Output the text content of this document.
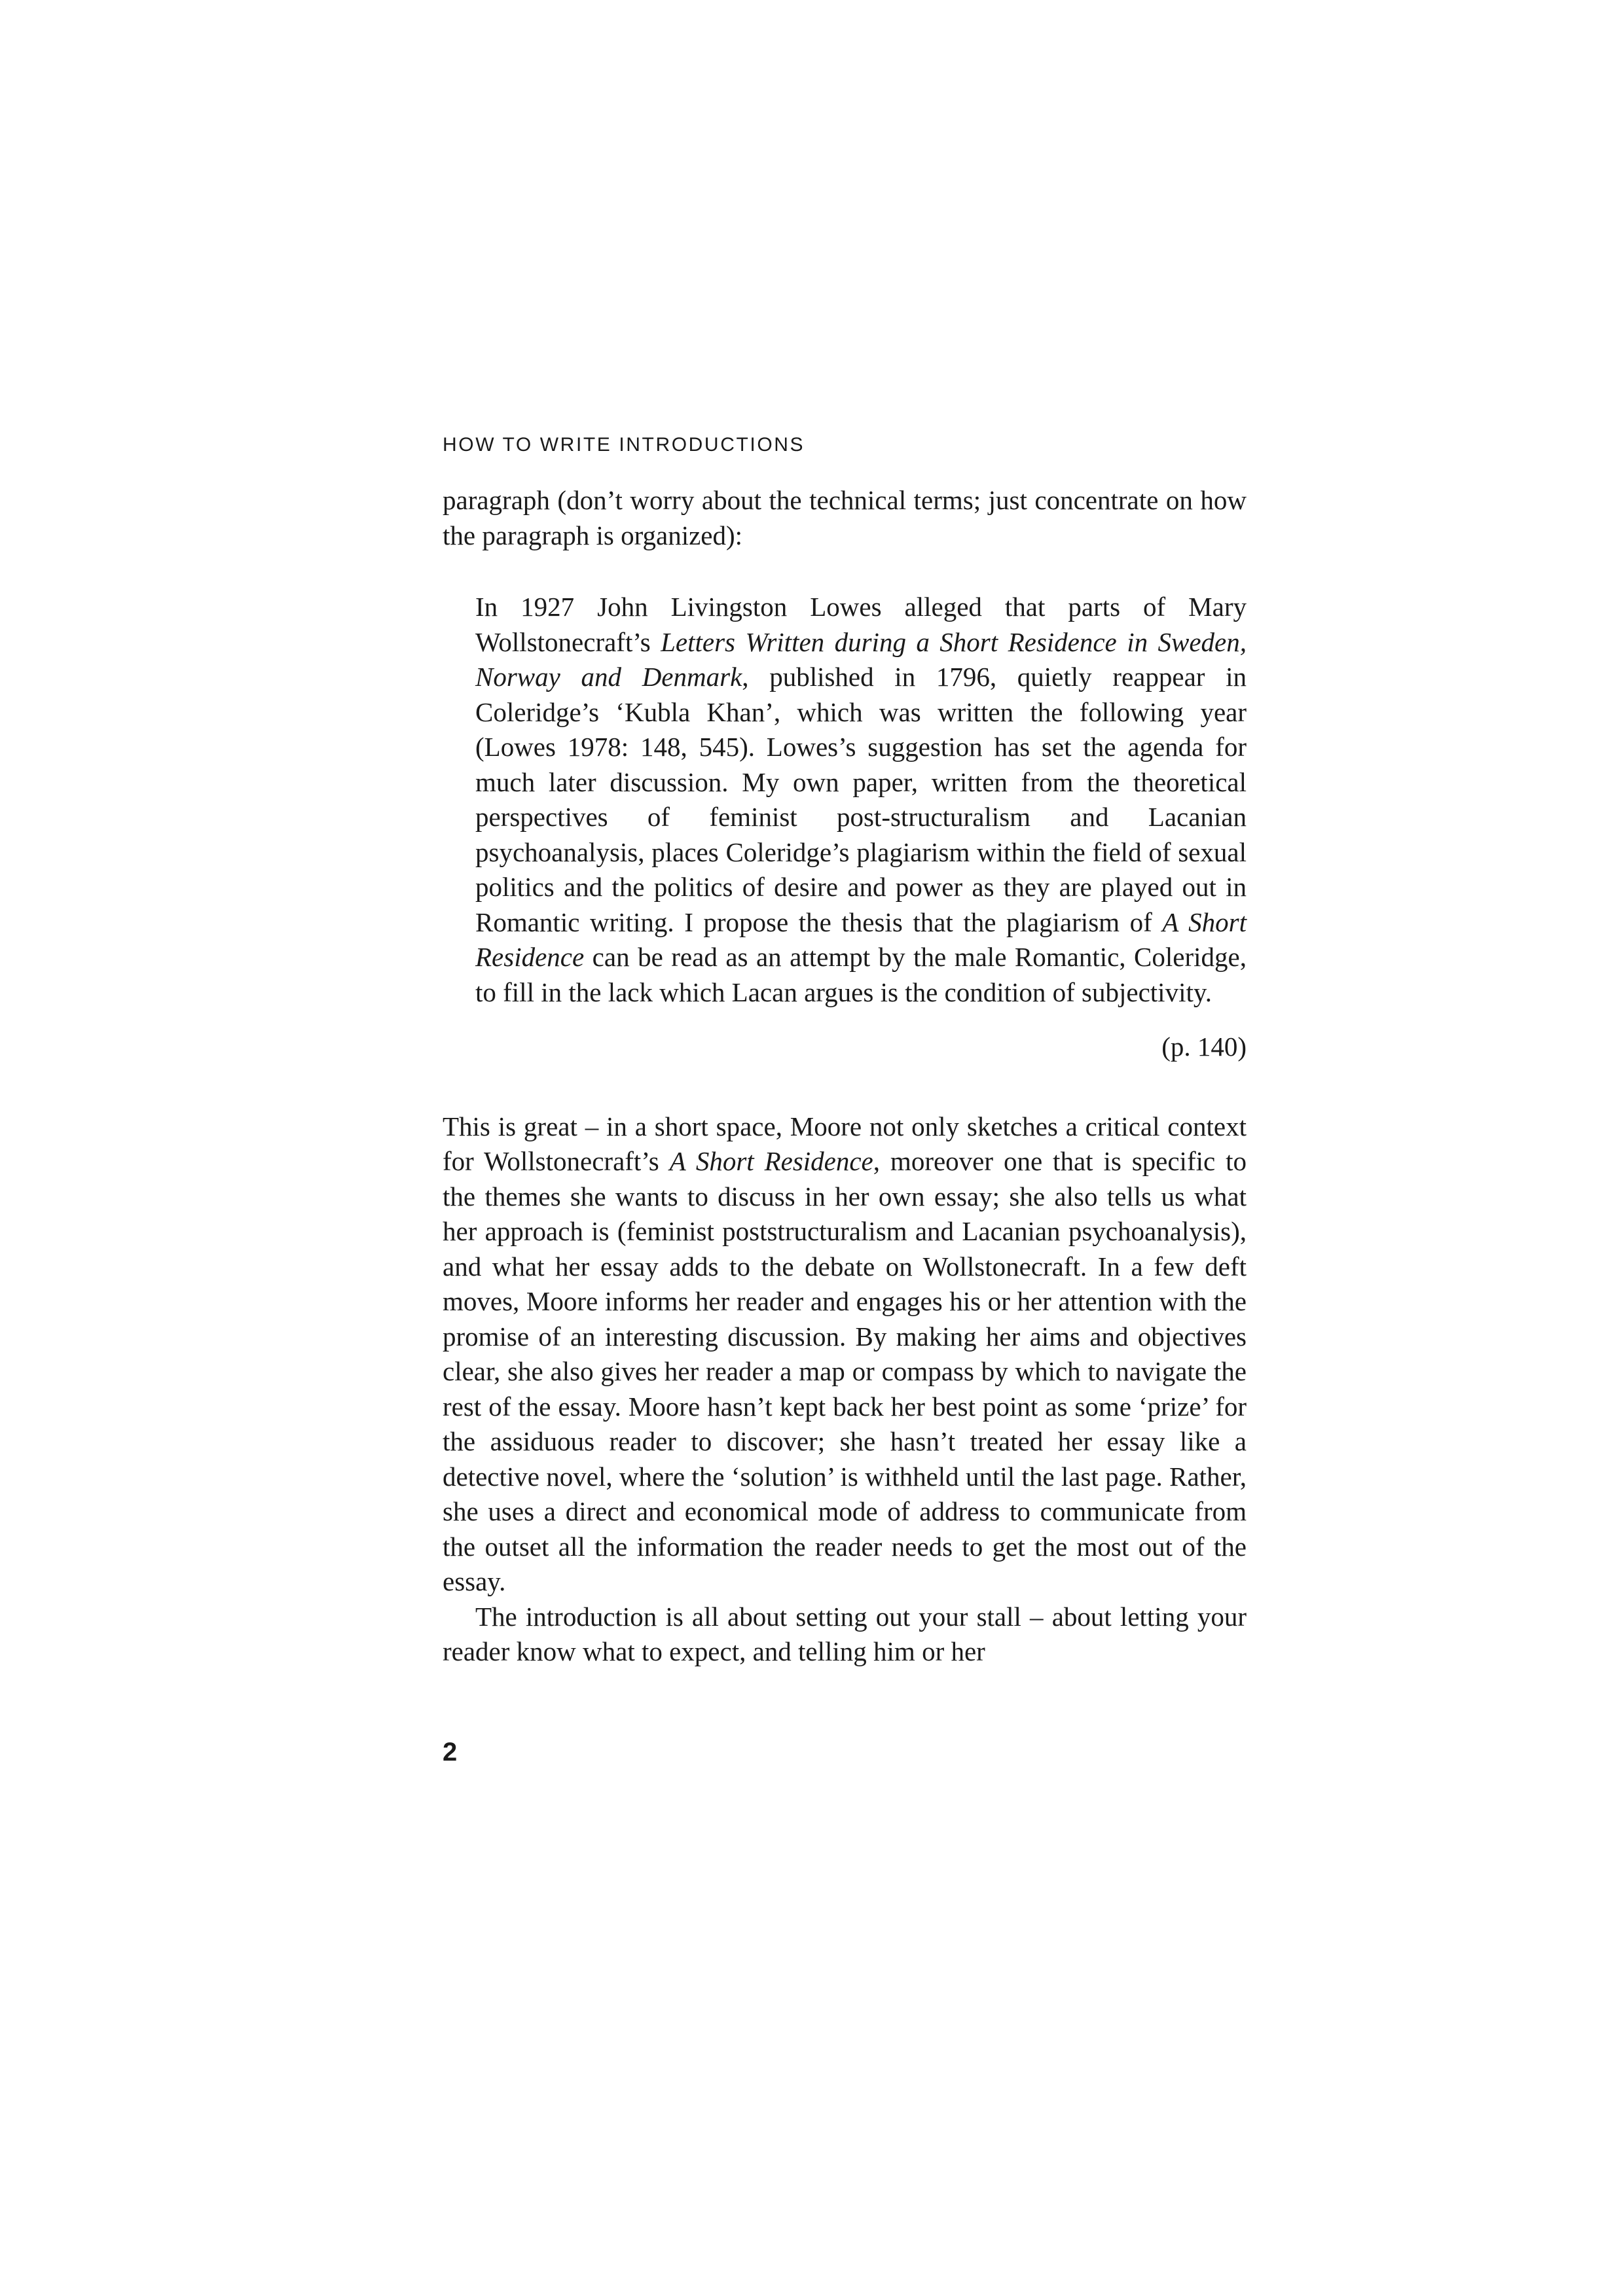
HOW TO WRITE INTRODUCTIONS

paragraph (don’t worry about the technical terms; just concentrate on how the paragraph is organized):

In 1927 John Livingston Lowes alleged that parts of Mary Wollstonecraft’s Letters Written during a Short Residence in Sweden, Norway and Denmark, published in 1796, quietly reappear in Coleridge’s ‘Kubla Khan’, which was written the following year (Lowes 1978: 148, 545). Lowes’s suggestion has set the agenda for much later discussion. My own paper, written from the theoretical perspectives of feminist post-structuralism and Lacanian psychoanalysis, places Coleridge’s plagiarism within the field of sexual politics and the politics of desire and power as they are played out in Romantic writing. I propose the thesis that the plagiarism of A Short Residence can be read as an attempt by the male Romantic, Coleridge, to fill in the lack which Lacan argues is the condition of subjectivity.
(p. 140)

This is great – in a short space, Moore not only sketches a critical context for Wollstonecraft’s A Short Residence, moreover one that is specific to the themes she wants to discuss in her own essay; she also tells us what her approach is (feminist poststructuralism and Lacanian psychoanalysis), and what her essay adds to the debate on Wollstonecraft. In a few deft moves, Moore informs her reader and engages his or her attention with the promise of an interesting discussion. By making her aims and objectives clear, she also gives her reader a map or compass by which to navigate the rest of the essay. Moore hasn’t kept back her best point as some ‘prize’ for the assiduous reader to discover; she hasn’t treated her essay like a detective novel, where the ‘solution’ is withheld until the last page. Rather, she uses a direct and economical mode of address to communicate from the outset all the information the reader needs to get the most out of the essay.

The introduction is all about setting out your stall – about letting your reader know what to expect, and telling him or her

2
